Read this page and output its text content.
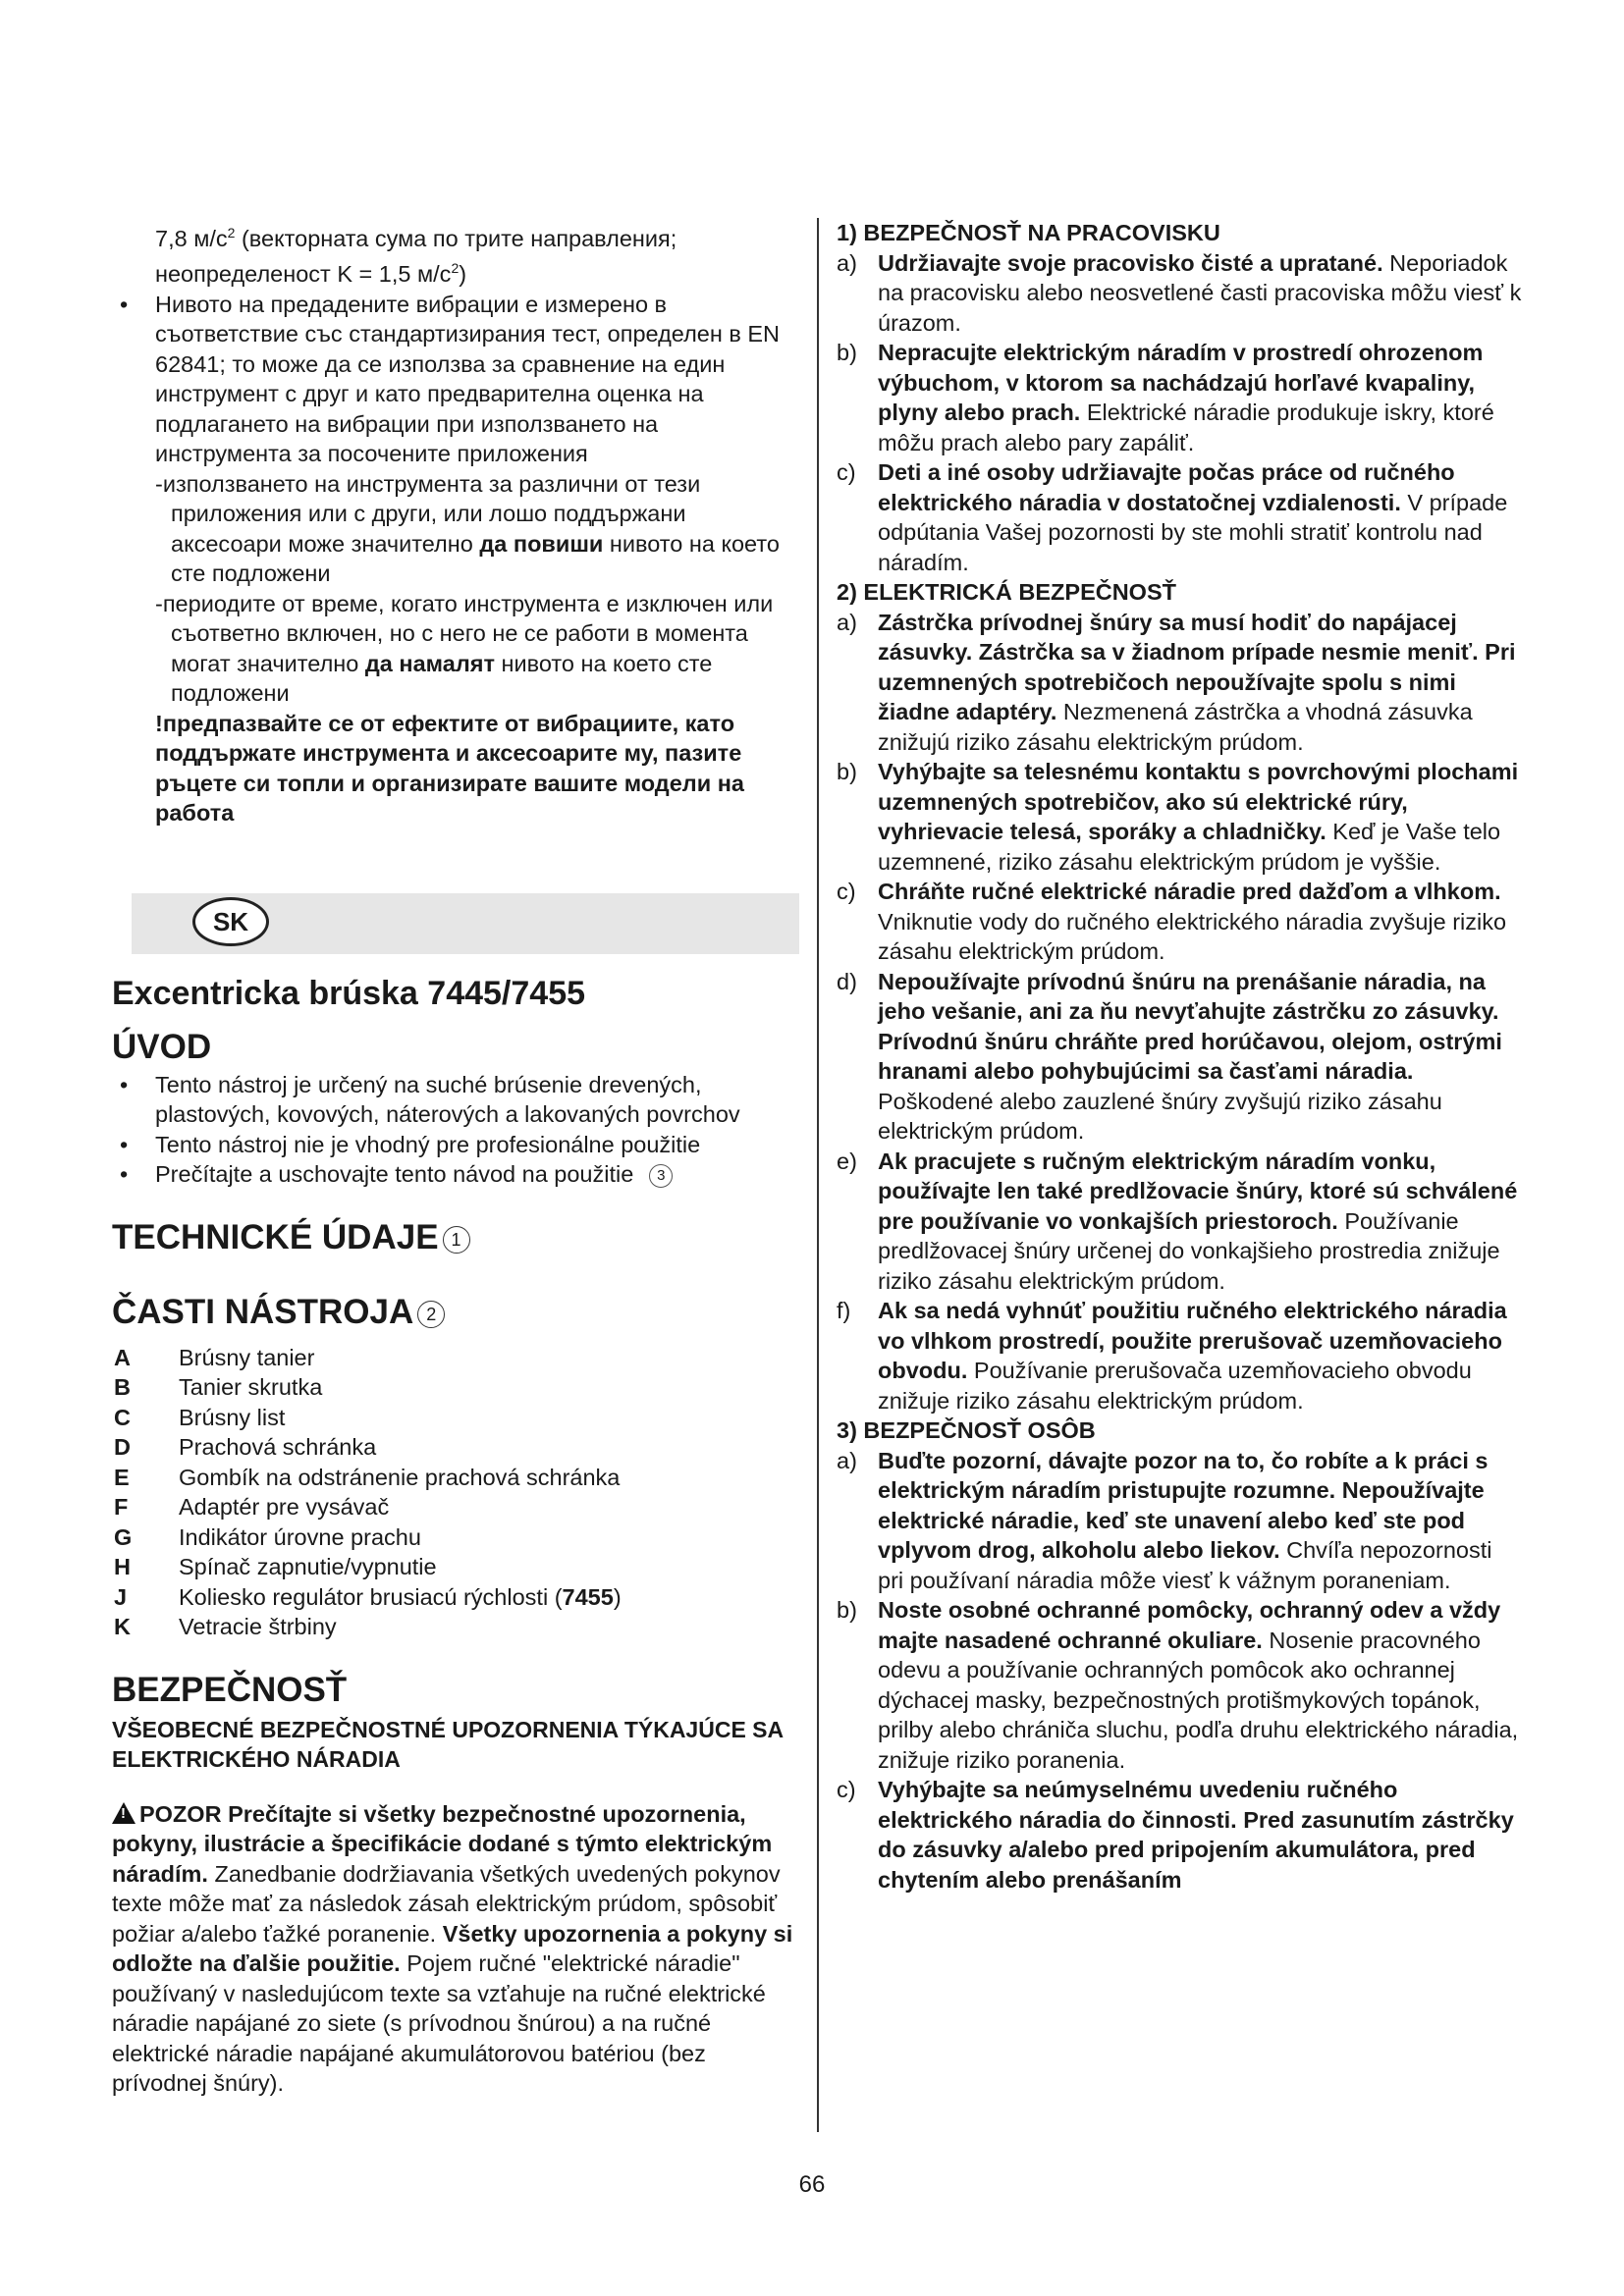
7,8 $м/с^2$ (векторната сума по трите направления;
неопределеност K = 1,5 $м/с^2$)

• Нивото на предадените вибрации е измерено в съответствие със стандартизирания тест, определен в EN 62841; то може да се използва за сравнение на един инструмент с друг и като предварителна оценка на подлагането на вибрации при използването на инструмента за посочените приложения

-използването на инструмента за различни от тези приложения или с други, или лошо поддържани аксесоари може значително да повиши нивото на което сте подложени

-периодите от време, когато инструмента е изключен или съответно включен, но с него не се работи в момента могат значително да намалят нивото на което сте подложени

!предпазвайте се от ефектите от вибрациите, като поддържате инструмента и аксесоарите му, пазите ръцете си топли и организирате вашите модели на работа

SK
Excentricka brúska 7445/7455
ÚVOD

• Tento nástroj je určený na suché brúsenie drevených, plastových, kovových, náterových a lakovaných povrchov

• Tento nástroj nie je vhodný pre profesionálne použitie

• Prečítajte a uschovajte tento návod na použitie 3

TECHNICKÉ ÚDAJE 1
ČASTI NÁSTROJA 2
A	Brúsny tanier
B	Tanier skrutka
C	Brúsny list
D	Prachová schránka
E	Gombík na odstránenie prachová schránka
F	Adaptér pre vysávač
G	Indikátor úrovne prachu
H	Spínač zapnutie/vypnutie
J	Koliesko regulátor brusiacú rýchlosti (7455)
K	Vetracie štrbiny
BEZPEČNOSŤ

VŠEOBECNÉ BEZPEČNOSTNÉ UPOZORNENIA TÝKAJÚCE SA ELEKTRICKÉHO NÁRADIA

!POZOR Prečítajte si všetky bezpečnostné upozornenia, pokyny, ilustrácie a špecifikácie dodané s týmto elektrickým náradím. Zanedbanie dodržiavania všetkých uvedených pokynov texte môže mať za následok zásah elektrickým prúdom, spôsobiť požiar a/alebo ťažké poranenie. Všetky upozornenia a pokyny si odložte na ďalšie použitie. Pojem ručné "elektrické náradie" používaný v nasledujúcom texte sa vzťahuje na ručné elektrické náradie napájané zo siete (s prívodnou šnúrou) a na ručné elektrické náradie napájané akumulátorovou batériou (bez prívodnej šnúry).

1) BEZPEČNOSŤ NA PRACOVISKU

a) Udržiavajte svoje pracovisko čisté a upratané. Neporiadok na pracovisku alebo neosvetlené časti pracoviska môžu viesť k úrazom.

b) Nepracujte elektrickým náradím v prostredí ohrozenom výbuchom, v ktorom sa nachádzajú horľavé kvapaliny, plyny alebo prach. Elektrické náradie produkuje iskry, ktoré môžu prach alebo pary zapáliť.

c) Deti a iné osoby udržiavajte počas práce od ručného elektrického náradia v dostatočnej vzdialenosti. V prípade odpútania Vašej pozornosti by ste mohli stratiť kontrolu nad náradím.

2) ELEKTRICKÁ BEZPEČNOSŤ

a) Zástrčka prívodnej šnúry sa musí hodiť do napájacej zásuvky. Zástrčka sa v žiadnom prípade nesmie meniť. Pri uzemnených spotrebičoch nepoužívajte spolu s nimi žiadne adaptéry. Nezmenená zástrčka a vhodná zásuvka znižujú riziko zásahu elektrickým prúdom.

b) Vyhýbajte sa telesnému kontaktu s povrchovými plochami uzemnených spotrebičov, ako sú elektrické rúry, vyhrievacie telesá, sporáky a chladničky. Keď je Vaše telo uzemnené, riziko zásahu elektrickým prúdom je vyššie.

c) Chráňte ručné elektrické náradie pred dažďom a vlhkom. Vniknutie vody do ručného elektrického náradia zvyšuje riziko zásahu elektrickým prúdom.

d) Nepoužívajte prívodnú šnúru na prenášanie náradia, na jeho vešanie, ani za ňu nevyťahujte zástrčku zo zásuvky. Prívodnú šnúru chráňte pred horúčavou, olejom, ostrými hranami alebo pohybujúcimi sa časťami náradia. Poškodené alebo zauzlené šnúry zvyšujú riziko zásahu elektrickým prúdom.

e) Ak pracujete s ručným elektrickým náradím vonku, používajte len také predlžovacie šnúry, ktoré sú schválené pre používanie vo vonkajších priestoroch. Používanie predlžovacej šnúry určenej do vonkajšieho prostredia znižuje riziko zásahu elektrickým prúdom.

f) Ak sa nedá vyhnúť použitiu ručného elektrického náradia vo vlhkom prostredí, použite prerušovač uzemňovacieho obvodu. Používanie prerušovača uzemňovacieho obvodu znižuje riziko zásahu elektrickým prúdom.

3) BEZPEČNOSŤ OSÔB

a) Buďte pozorní, dávajte pozor na to, čo robíte a k práci s elektrickým náradím pristupujte rozumne. Nepoužívajte elektrické náradie, keď ste unavení alebo keď ste pod vplyvom drog, alkoholu alebo liekov. Chvíľa nepozornosti pri používaní náradia môže viesť k vážnym poraneniam.

b) Noste osobné ochranné pomôcky, ochranný odev a vždy majte nasadené ochranné okuliare. Nosenie pracovného odevu a používanie ochranných pomôcok ako ochrannej dýchacej masky, bezpečnostných protišmykových topánok, prilby alebo chrániča sluchu, podľa druhu elektrického náradia, znižuje riziko poranenia.

c) Vyhýbajte sa neúmyselnému uvedeniu ručného elektrického náradia do činnosti. Pred zasunutím zástrčky do zásuvky a/alebo pred pripojením akumulátora, pred chytením alebo prenášaním

66
